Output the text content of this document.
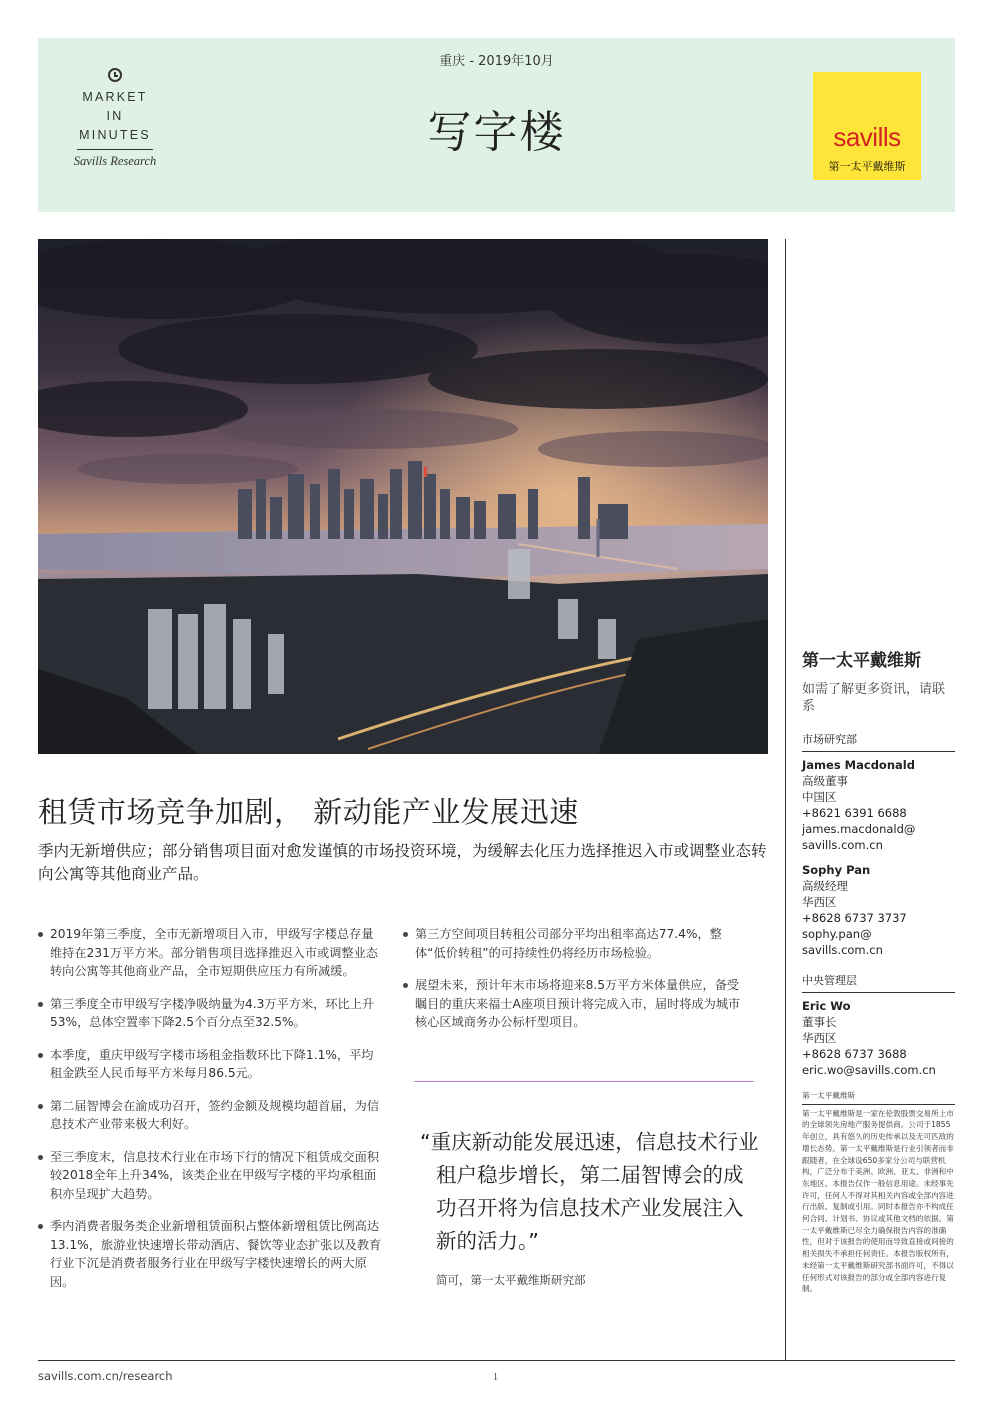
MARKET
IN
MINUTES
Savills Research
重庆 - 2019年10月
写字楼	savills
第一太平戴维斯
租赁市场竞争加剧， 新动能产业发展迅速
季内无新增供应；部分销售项目面对愈发谨慎的市场投资环境，为缓解去化压力选择推迟入市或调整业态转向公寓等其他商业产品。
2019年第三季度，全市无新增项目入市，甲级写字楼总存量维持在231万平方米。部分销售项目选择推迟入市或调整业态转向公寓等其他商业产品，全市短期供应压力有所减缓。
第三季度全市甲级写字楼净吸纳量为4.3万平方米，环比上升53%，总体空置率下降2.5个百分点至32.5%。
本季度，重庆甲级写字楼市场租金指数环比下降1.1%，平均租金跌至人民币每平方米每月86.5元。
第二届智博会在渝成功召开，签约金额及规模均超首届，为信息技术产业带来极大利好。
至三季度末，信息技术行业在市场下行的情况下租赁成交面积较2018全年上升34%，该类企业在甲级写字楼的平均承租面积亦呈现扩大趋势。
季内消费者服务类企业新增租赁面积占整体新增租赁比例高达13.1%，旅游业快速增长带动酒店、餐饮等业态扩张以及教育行业下沉是消费者服务行业在甲级写字楼快速增长的两大原因。
第三方空间项目转租公司部分平均出租率高达77.4%，整体“低价转租”的可持续性仍将经历市场检验。
展望未来，预计年末市场将迎来8.5万平方米体量供应，备受瞩目的重庆来福士A座项目预计将完成入市，届时将成为城市核心区域商务办公标杆型项目。
“重庆新动能发展迅速，信息技术行业租户稳步增长，第二届智博会的成功召开将为信息技术产业发展注入新的活力。”
简可，第一太平戴维斯研究部
第一太平戴维斯
如需了解更多资讯，请联系
市场研究部
James Macdonald
高级董事
中国区
+8621 6391 6688
james.macdonald@
savills.com.cn
Sophy Pan
高级经理
华西区
+8628 6737 3737
sophy.pan@
savills.com.cn
中央管理层
Eric Wo
董事长
华西区
+8628 6737 3688
eric.wo@savills.com.cn
第一太平戴维斯
第一太平戴维斯是一家在伦敦股票交易所上市的全球领先房地产服务提供商。公司于1855年创立，具有悠久的历史传承以及无可匹敌的增长态势。第一太平戴维斯是行业引领者而非跟随者，在全球设650多家分公司与联营机构，广泛分布于美洲、欧洲、亚太、非洲和中东地区。本报告仅作一般信息用途。未经事先许可，任何人不得对其相关内容或全部内容进行出版、复制或引用。同时本报告亦不构成任何合同、计划书、协议或其他文档的依据。第一太平戴维斯已尽全力确保报告内容的准确性，但对于该报告的使用而导致直接或间接的相关损失不承担任何责任。本报告版权所有，未经第一太平戴维斯研究部书面许可，不得以任何形式对该报告的部分或全部内容进行复制。
savills.com.cn/research	1
